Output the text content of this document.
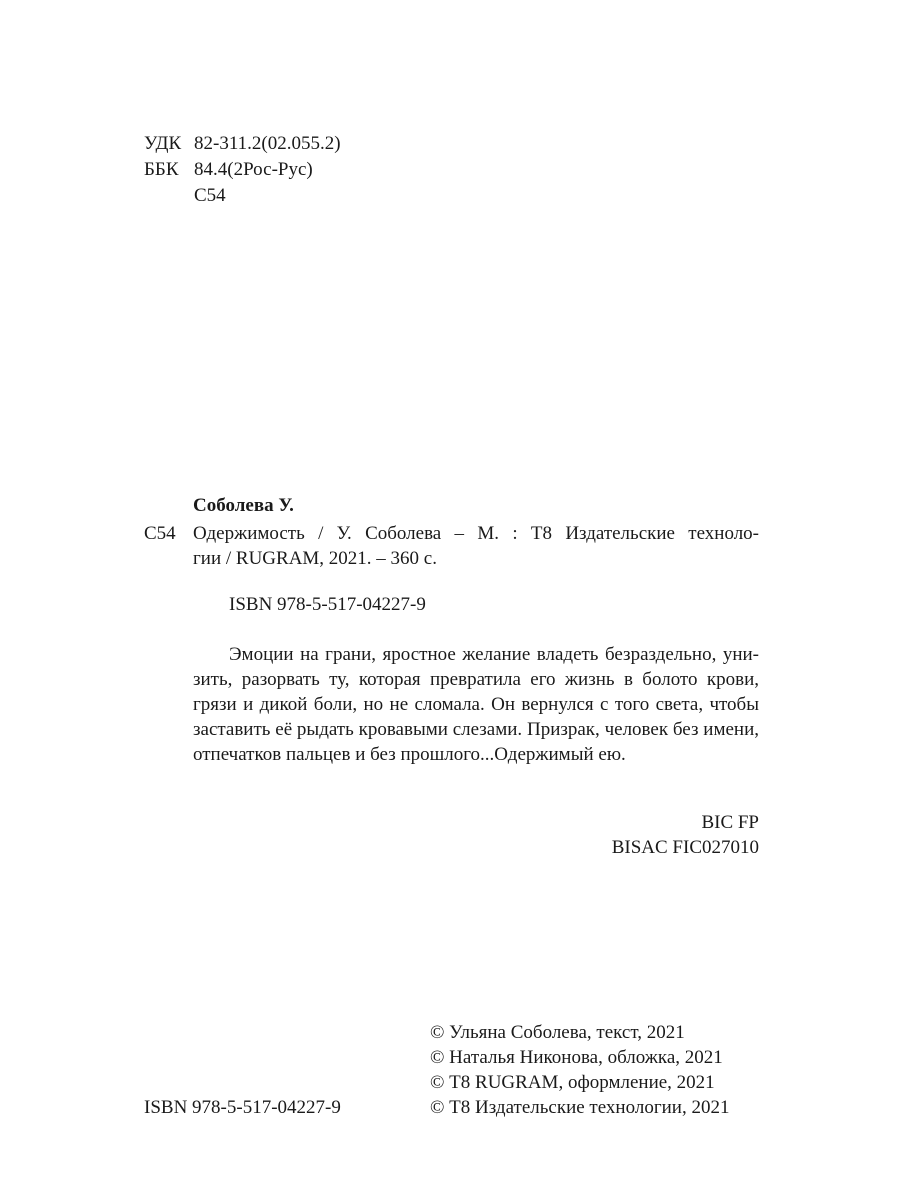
УДК 82-311.2(02.055.2)
ББК 84.4(2Рос-Рус)
С54
Соболева У.
С54 Одержимость / У. Соболева – М. : Т8 Издательские техноло-
гии / RUGRAM, 2021. – 360 с.
ISBN 978-5-517-04227-9
Эмоции на грани, яростное желание владеть безраздельно, уни-
зить, разорвать ту, которая превратила его жизнь в болото крови,
грязи и дикой боли, но не сломала. Он вернулся с того света, чтобы
заставить её рыдать кровавыми слезами. Призрак, человек без имени,
отпечатков пальцев и без прошлого...Одержимый ею.
BIC FP
BISAC FIC027010
© Ульяна Соболева, текст, 2021
© Наталья Никонова, обложка, 2021
© Т8 RUGRAM, оформление, 2021
© Т8 Издательские технологии, 2021
ISBN 978-5-517-04227-9
